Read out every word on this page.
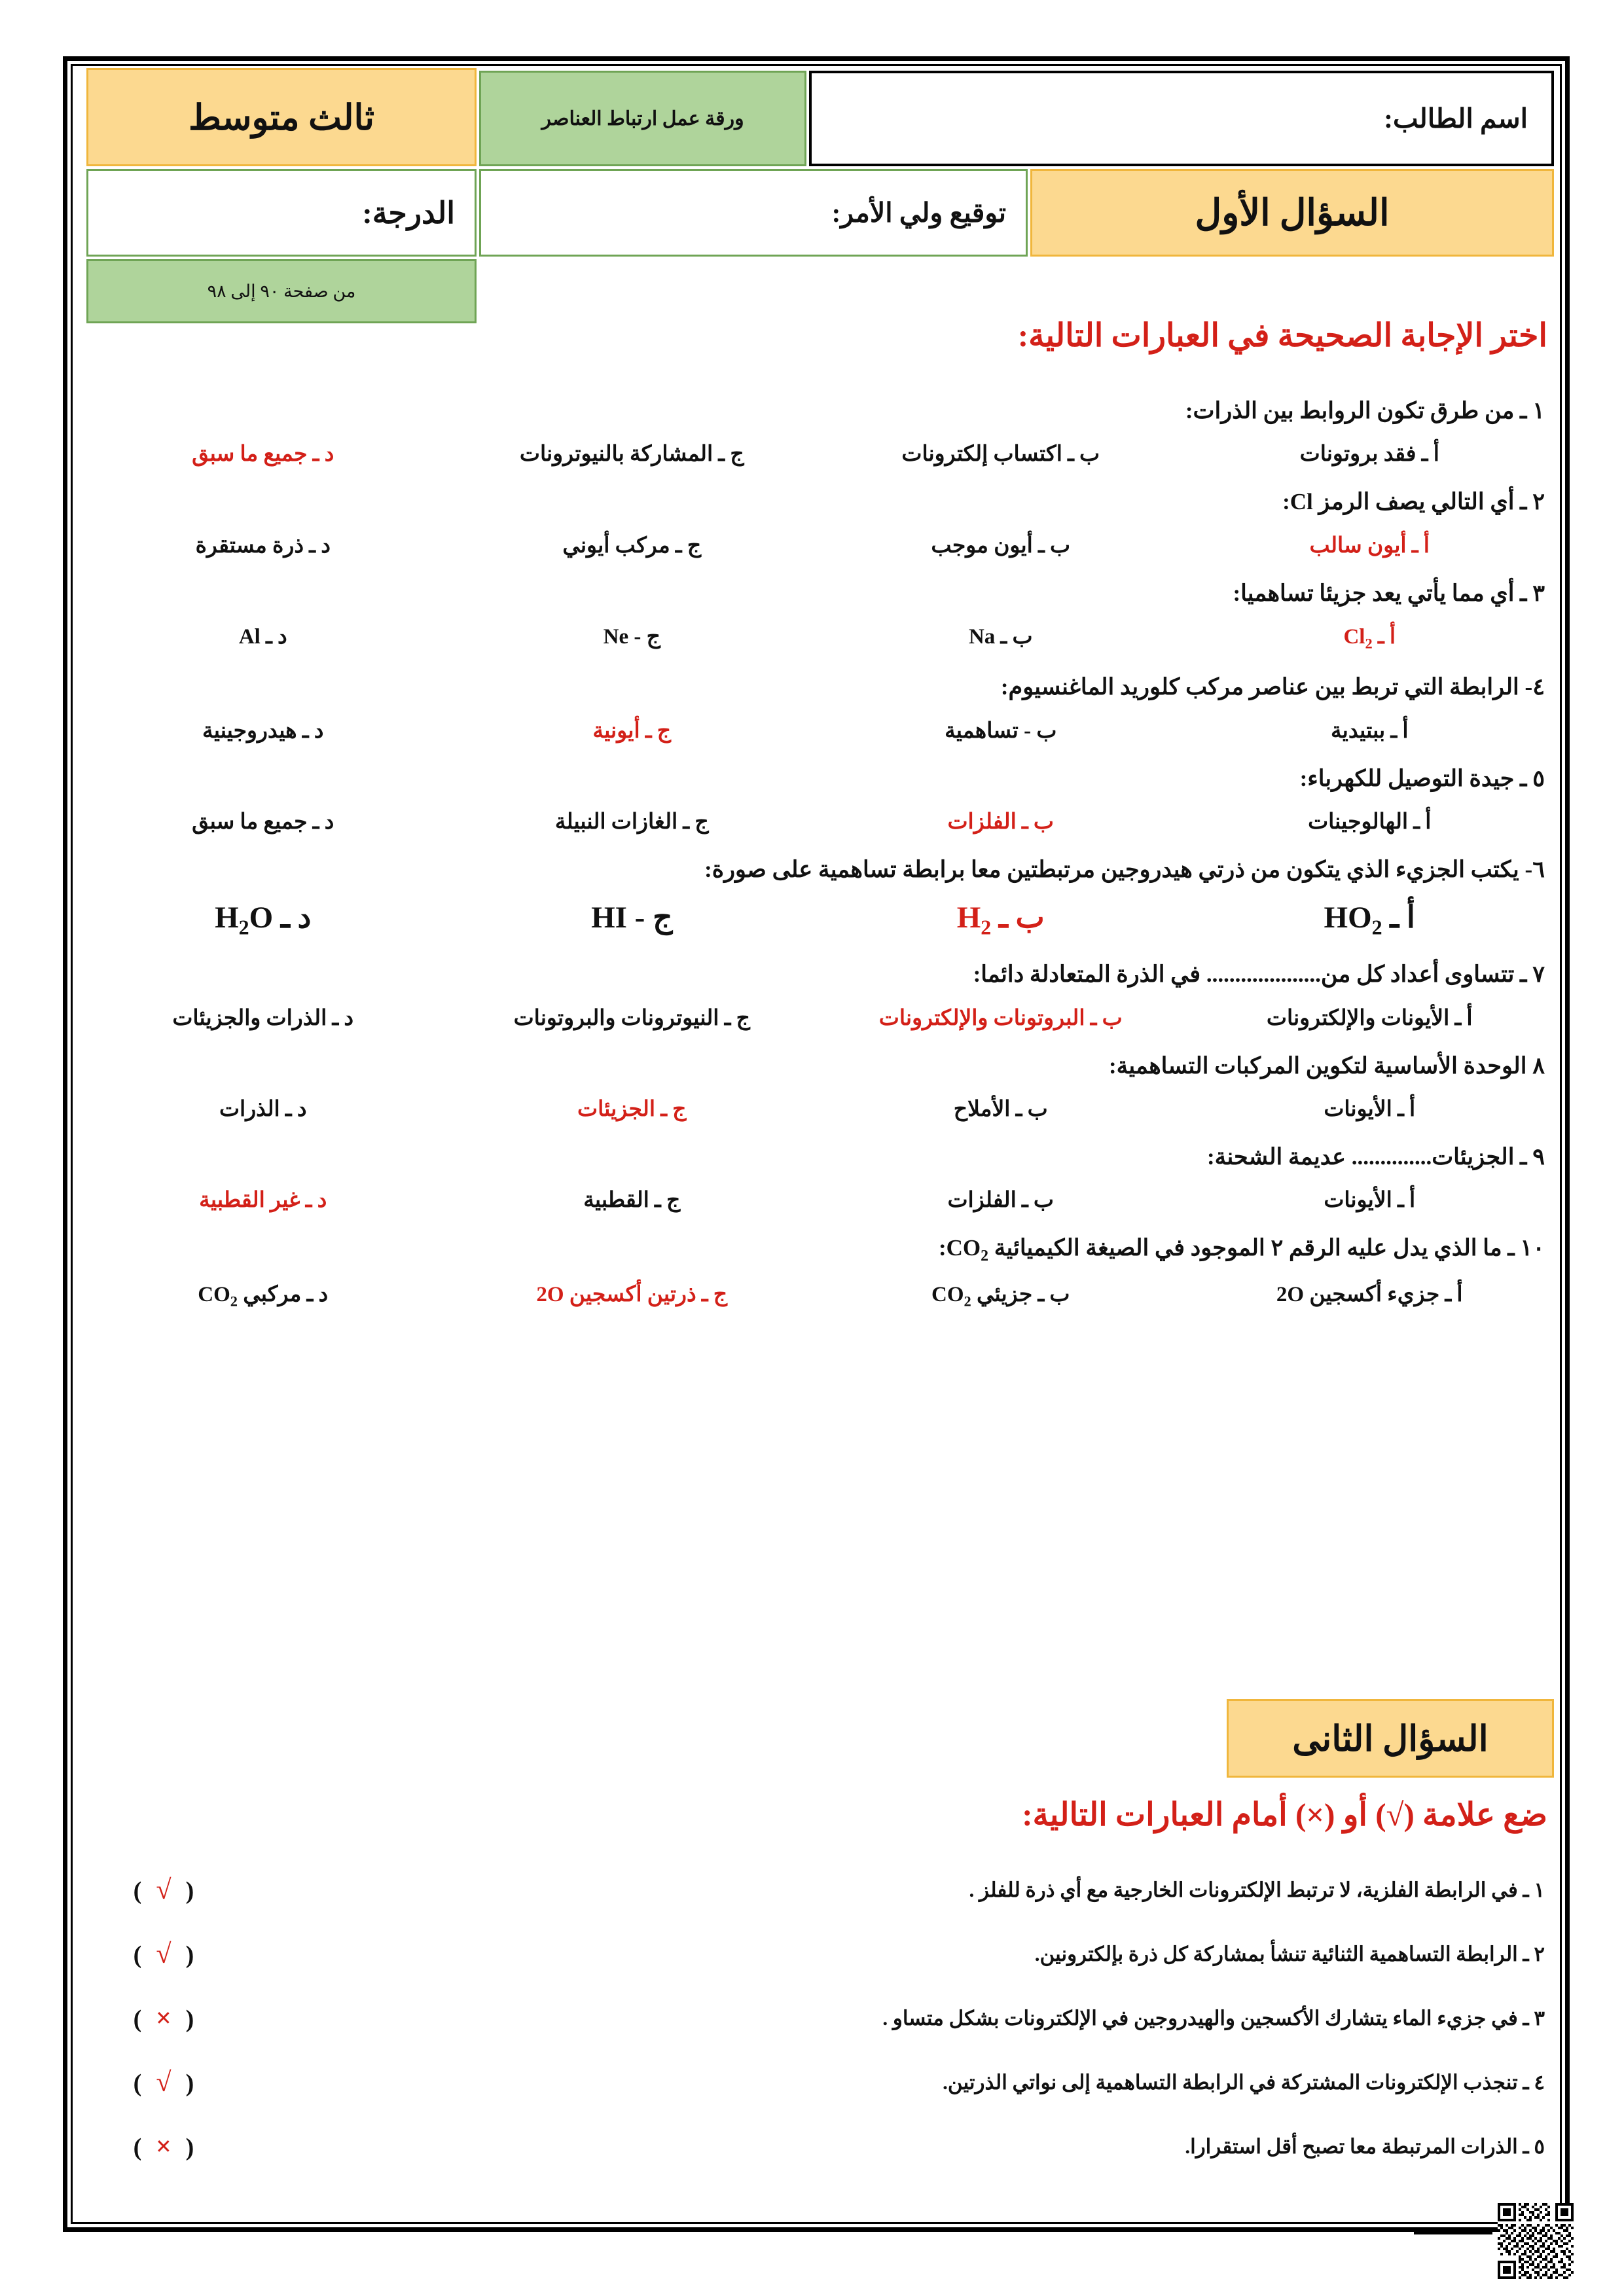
اسم الطالب:
ورقة عمل ارتباط العناصر
ثالث متوسط
السؤال الأول
توقيع ولي الأمر:
الدرجة:
من صفحة ٩٠ إلى ٩٨
اختر الإجابة الصحيحة في العبارات التالية:
١ ـ من طرق تكون الروابط بين الذرات:
أ ـ فقد بروتونات
ب ـ اكتساب إلكترونات
ج ـ المشاركة بالنيوترونات
د ـ جميع ما سبق
٢ ـ أي التالي يصف الرمز Cl:
أ ـ أيون سالب
ب ـ أيون موجب
ج ـ مركب أيوني
د ـ ذرة مستقرة
٣ ـ أي مما يأتي يعد جزيئا تساهميا:
أ ـ $Cl_2$
ب ـ Na
ج - Ne
د ـ Al
٤- الرابطة التي تربط بين عناصر مركب كلوريد الماغنسيوم:
أ ـ ببتيدية
ب - تساهمية
ج ـ أيونية
د ـ هيدروجينية
٥ ـ جيدة التوصيل للكهرباء:
أ ـ الهالوجينات
ب ـ الفلزات
ج ـ الغازات النبيلة
د ـ جميع ما سبق
٦- يكتب الجزيء الذي يتكون من ذرتي هيدروجين مرتبطتين معا برابطة تساهمية على صورة:
أ ـ $HO_2$
ب ـ $H_2$
ج - HI
د ـ $H_2O$
٧ ـ تتساوى أعداد كل من.................... في الذرة المتعادلة دائما:
أ ـ الأيونات والإلكترونات
ب ـ البروتونات والإلكترونات
ج ـ النيوترونات والبروتونات
د ـ الذرات والجزيئات
٨ الوحدة الأساسية لتكوين المركبات التساهمية:
أ ـ الأيونات
ب ـ الأملاح
ج ـ الجزيئات
د ـ الذرات
٩ ـ الجزيئات.............. عديمة الشحنة:
أ ـ الأيونات
ب ـ الفلزات
ج ـ القطبية
د ـ غير القطبية
١٠ ـ ما الذي يدل عليه الرقم ٢ الموجود في الصيغة الكيميائية $CO_2$:
أ ـ جزيء أكسجين 2O
ب ـ جزيئي $CO_2$
ج ـ ذرتين أكسجين 2O
د ـ مركبي $CO_2$
السؤال الثانى
ضع علامة (√) أو (×) أمام العبارات التالية:
١ ـ في الرابطة الفلزية، لا ترتبط الإلكترونات الخارجية مع أي ذرة للفلز .
(√)
٢ ـ الرابطة التساهمية الثنائية تنشأ بمشاركة كل ذرة بإلكترونين.
(√)
٣ ـ في جزيء الماء يتشارك الأكسجين والهيدروجين في الإلكترونات بشكل متساو .
(×)
٤ ـ تنجذب الإلكترونات المشتركة في الرابطة التساهمية إلى نواتي الذرتين.
(√)
٥ ـ الذرات المرتبطة معا تصبح أقل استقرارا.
(×)
